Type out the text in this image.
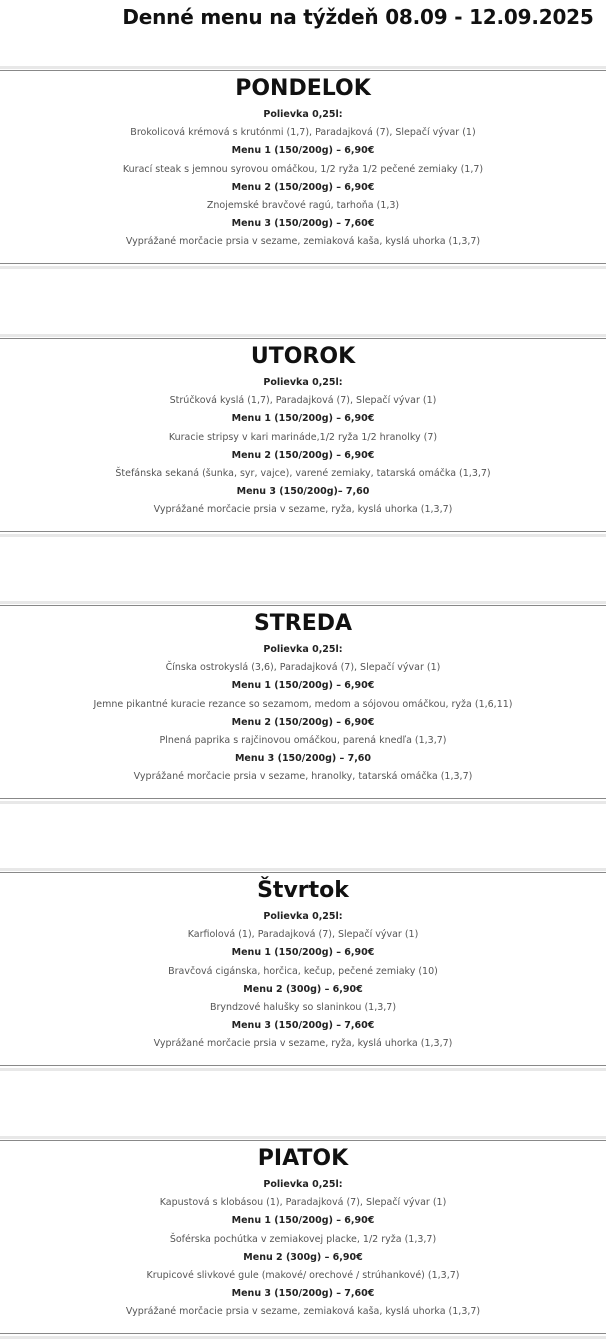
Denné menu na týždeň 08.09 - 12.09.2025
PONDELOK
Polievka 0,25l:
Brokolicová krémová s krutónmi (1,7), Paradajková (7), Slepačí vývar (1)
Menu 1 (150/200g) – 6,90€
Kurací steak s jemnou syrovou omáčkou, 1/2 ryža 1/2 pečené zemiaky (1,7)
Menu 2 (150/200g) – 6,90€
Znojemské bravčové ragú, tarhoňa (1,3)
Menu 3 (150/200g) – 7,60€
Vyprážané morčacie prsia v sezame, zemiaková kaša, kyslá uhorka (1,3,7)
UTOROK
Polievka 0,25l:
Strúčková kyslá (1,7), Paradajková (7), Slepačí vývar (1)
Menu 1 (150/200g) – 6,90€
Kuracie stripsy v kari marináde,1/2 ryža 1/2 hranolky (7)
Menu 2 (150/200g) – 6,90€
Štefánska sekaná (šunka, syr, vajce), varené zemiaky, tatarská omáčka (1,3,7)
Menu 3 (150/200g)– 7,60
Vyprážané morčacie prsia v sezame, ryža, kyslá uhorka (1,3,7)
STREDA
Polievka 0,25l:
Čínska ostrokyslá (3,6), Paradajková (7), Slepačí vývar (1)
Menu 1 (150/200g) – 6,90€
Jemne pikantné kuracie rezance so sezamom, medom a sójovou omáčkou, ryža (1,6,11)
Menu 2 (150/200g) – 6,90€
Plnená paprika s rajčinovou omáčkou, parená knedľa (1,3,7)
Menu 3 (150/200g) – 7,60
Vyprážané morčacie prsia v sezame, hranolky, tatarská omáčka (1,3,7)
Štvrtok
Polievka 0,25l:
Karfiolová (1), Paradajková (7), Slepačí vývar (1)
Menu 1 (150/200g) – 6,90€
Bravčová cigánska, horčica, kečup, pečené zemiaky (10)
Menu 2 (300g) – 6,90€
Bryndzové halušky so slaninkou (1,3,7)
Menu 3 (150/200g) – 7,60€
Vyprážané morčacie prsia v sezame, ryža, kyslá uhorka (1,3,7)
PIATOK
Polievka 0,25l:
Kapustová s klobásou (1), Paradajková (7), Slepačí vývar (1)
Menu 1 (150/200g) – 6,90€
Šoférska pochútka v zemiakovej placke, 1/2 ryža (1,3,7)
Menu 2 (300g) – 6,90€
Krupicové slivkové gule (makové/ orechové / strúhankové) (1,3,7)
Menu 3 (150/200g) – 7,60€
Vyprážané morčacie prsia v sezame, zemiaková kaša, kyslá uhorka (1,3,7)
